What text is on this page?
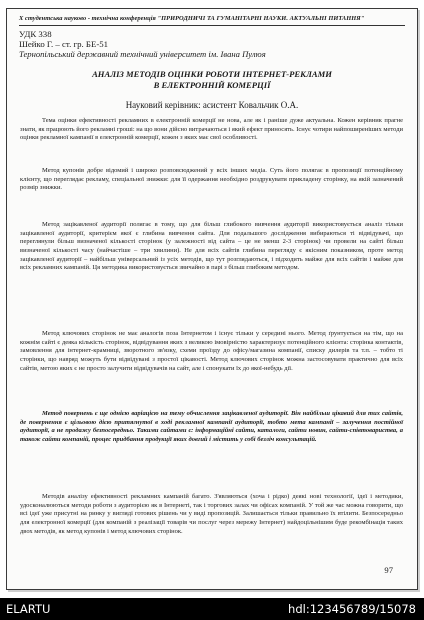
Х студентська науково - технічна конференція "ПРИРОДНИЧІ ТА ГУМАНІТАРНІ НАУКИ. АКТУАЛЬНІ ПИТАННЯ"
УДК 338
Шейко Г. – ст. гр. БЕ-51
Тернопільський державний технічний університет ім. Івана Пулюя
АНАЛІЗ МЕТОДІВ ОЦІНКИ РОБОТИ ІНТЕРНЕТ-РЕКЛАМИ
В ЕЛЕКТРОННІЙ КОМЕРЦІЇ
Науковий керівник: асистент Ковальчик О.А.

Тема оцінки ефективності рекламних в електронній комерції не нова, але як і раніше дуже актуальна. Кожен керівник прагне знати, як працюють його рекламні гроші: на що вони дійсно витрачаються і який ефект приносять. Існує чотири найпоширеніших методи оцінки рекламної кампанії в електронній комерції, кожен з яких має свої особливості.

Метод купонів добре відомий і широко розповсюджений у всіх інших медіа. Суть його полягає в пропозиції потенційному клієнту, що переглядає рекламу, спеціальної знижки: для її одержання необхідно роздрукувати прикладену сторінку, на якій зазначений розмір знижки.

Метод зацікавленої аудиторії полягає в тому, що для більш глибокого вивчення аудиторії використовується аналіз тільки зацікавленої аудиторії, критерієм якої є глибина вивчення сайта. Для подальшого дослідження вибираються ті відвідувачі, що переглянули більш визначеної кількості сторінок (у залежності від сайта – це не менш 2-3 сторінок) чи провели на сайті більш визначеної кількості часу (найчастіше – три хвилини). Не для всіх сайтів глибина перегляду є якісним показником, проте метод зацікавленої аудиторії – найбільш універсальний із усіх методів, що тут розглядаються, і підходить майже для всіх сайтів і майже для всіх рекламних кампаній. Ця методика використовується звичайно в парі з більш глибоким методом.

Метод ключових сторінок не має аналогів поза Інтернетом і існує тільки у середині нього. Метод ґрунтується на тім, що на кожнім сайті є деяка кількість сторінок, відвідування яких з великою імовірністю характеризує потенційного клієнта: сторінка контактів, замовлення для інтернет-крамниці, зворотного зв'язку, схеми проїзду до офісу/магазина компанії, списку дилерів та т.п. – тобто ті сторінки, що навряд можуть бути відвідувані з простої цікавості. Метод ключових сторінок можна застосовувати практично для всіх сайтів, метою яких є не просто залучити відвідувачів на сайт, але і спонукати їх до якої-небудь дії.

Метод повернень є ще однією варіацією на тему обчислення зацікавленої аудиторії. Він найбільш цікавий для тих сайтів, де повернення є цільовою дією притягнутої в ході рекламної кампанії аудиторії, тобто мета кампанії – залучення постійної аудиторії, а не продажу безпосередньо. Такими сайтами є: інформаційні сайти, каталоги, сайти новин, сайти-співтовариства, а також сайти компаній, процес придбання продукції яких довгий і містить у собі безліч консультацій.

Методів аналізу ефективності рекламних кампаній багато. З'являються (хоча і рідко) деякі нові технології, ідеї і методики, удосконалюються методи роботи з аудиторією як в Інтернеті, так і торгових залах чи офісах компаній. У той же час можна говорити, що всі ідеї уже присутні на ринку у вигляді готових рішень чи у виді пропозицій. Залишається тільки правильно їх втілити. Безпосередньо для електронної комерції (для компаній з реалізації товарів чи послуг через мережу Інтернет) найдоцільнішим буде рекомбінація таких двох методів, як метод купонів і метод ключових сторінок.

97
ELARTU	hdl:123456789/15078
